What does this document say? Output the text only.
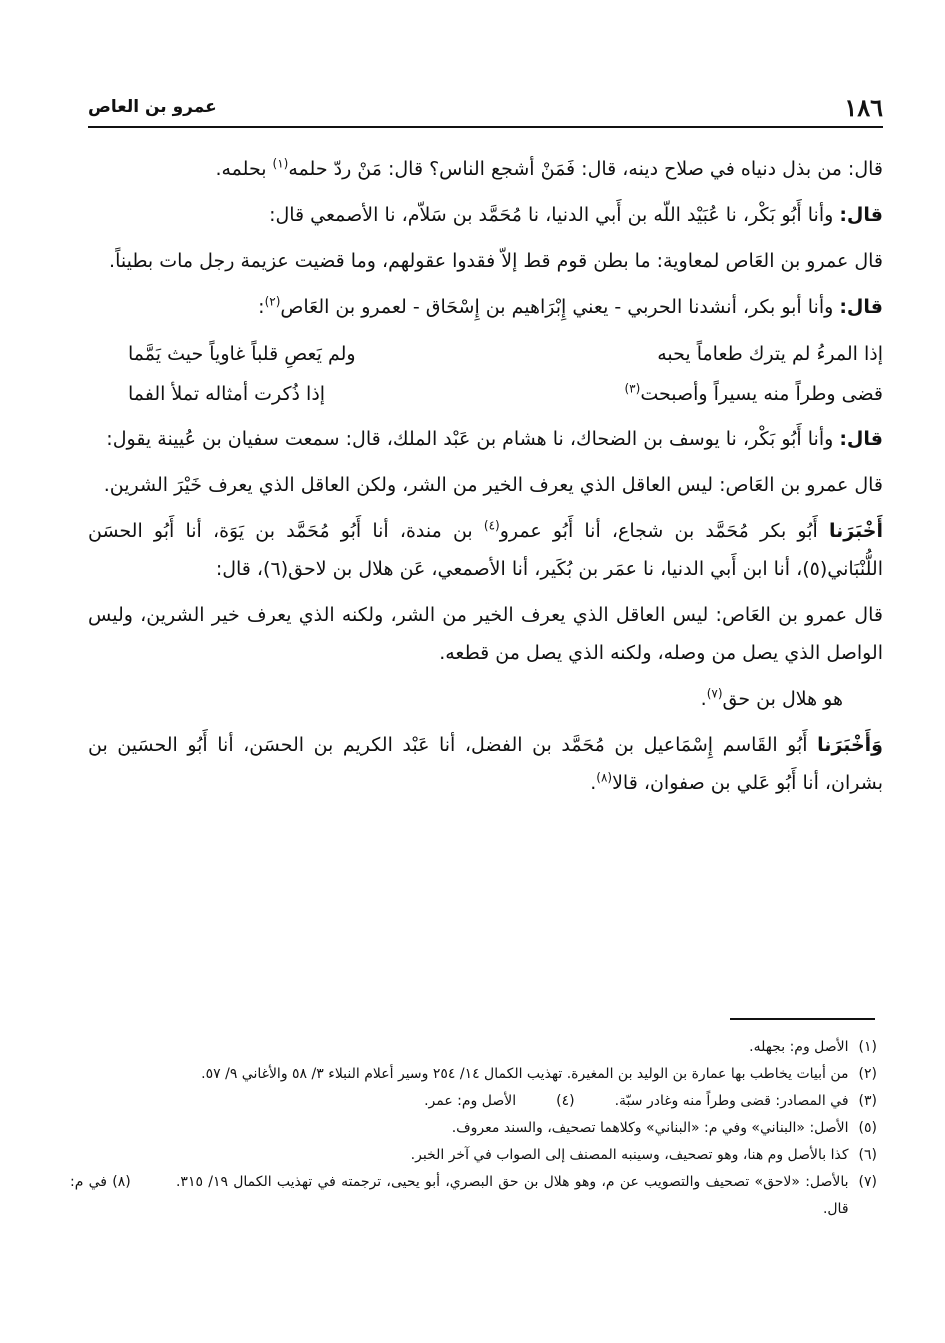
١٨٦
عمرو بن العاص

قال: من بذل دنياه في صلاح دينه، قال: فَمَنْ أشجع الناس؟ قال: مَنْ ردّ حلمه$^{(١)}$ بحلمه.

قال: وأنا أَبُو بَكْر، نا عُبَيْد اللّه بن أَبي الدنيا، نا مُحَمَّد بن سَلاّم، نا الأصمعي قال:

قال عمرو بن العَاص لمعاوية: ما بطن قوم قط إلاّ فقدوا عقولهم، وما قضيت عزيمة رجل مات بطيناً.

قال: وأنا أبو بكر، أنشدنا الحربي - يعني إِبْرَاهيم بن إِسْحَاق - لعمرو بن العَاص$^{(٢)}$:

إذا المرءُ لم يترك طعاماً يحبه
ولم يَعصِ قلباً غاوياً حيث يَمَّما
قضى وطراً منه يسيراً وأصبحت$^{(٣)}$
إذا ذُكرت أمثاله تملأ الفما

قال: وأنا أَبُو بَكْر، نا يوسف بن الضحاك، نا هشام بن عَبْد الملك، قال: سمعت سفيان بن عُيينة يقول:

قال عمرو بن العَاص: ليس العاقل الذي يعرف الخير من الشر، ولكن العاقل الذي يعرف خَيْرَ الشرين.

أَخْبَرَنا أَبُو بكر مُحَمَّد بن شجاع، أنا أَبُو عمرو$^{(٤)}$ بن مندة، أنا أَبُو مُحَمَّد بن يَوَة، أنا أَبُو الحسَن اللُّنْبَاني(٥)، أنا ابن أَبي الدنيا، نا عمَر بن بُكَير، أنا الأصمعي، عَن هلال بن لاحق(٦)، قال:

قال عمرو بن العَاص: ليس العاقل الذي يعرف الخير من الشر، ولكنه الذي يعرف خير الشرين، وليس الواصل الذي يصل من وصله، ولكنه الذي يصل من قطعه.

هو هلال بن حق$^{(٧)}$.

وَأَخْبَرَنا أَبُو القَاسم إِسْمَاعيل بن مُحَمَّد بن الفضل، أنا عَبْد الكريم بن الحسَن، أنا أَبُو الحسَين بن بشران، أنا أَبُو عَلي بن صفوان، قالا$^{(٨)}$.

(١)
الأصل وم: بجهله.
(٢)
من أبيات يخاطب بها عمارة بن الوليد بن المغيرة. تهذيب الكمال ١٤/ ٢٥٤ وسير أعلام النبلاء ٣/ ٥٨ والأغاني ٩/ ٥٧.
(٣)
في المصادر: قضى وطراً منه وغادر سبّة.
(٤)
الأصل وم: عمر.
(٥)
الأصل: «البناني» وفي م: «البناني» وكلاهما تصحيف، والسند معروف.
(٦)
كذا بالأصل وم هنا، وهو تصحيف، وسينبه المصنف إلى الصواب في آخر الخبر.
(٧)
بالأصل: «لاحق» تصحيف والتصويب عن م، وهو هلال بن حق البصري، أبو يحيى، ترجمته في تهذيب الكمال ١٩/ ٣١٥. (٨) في م: قال.
